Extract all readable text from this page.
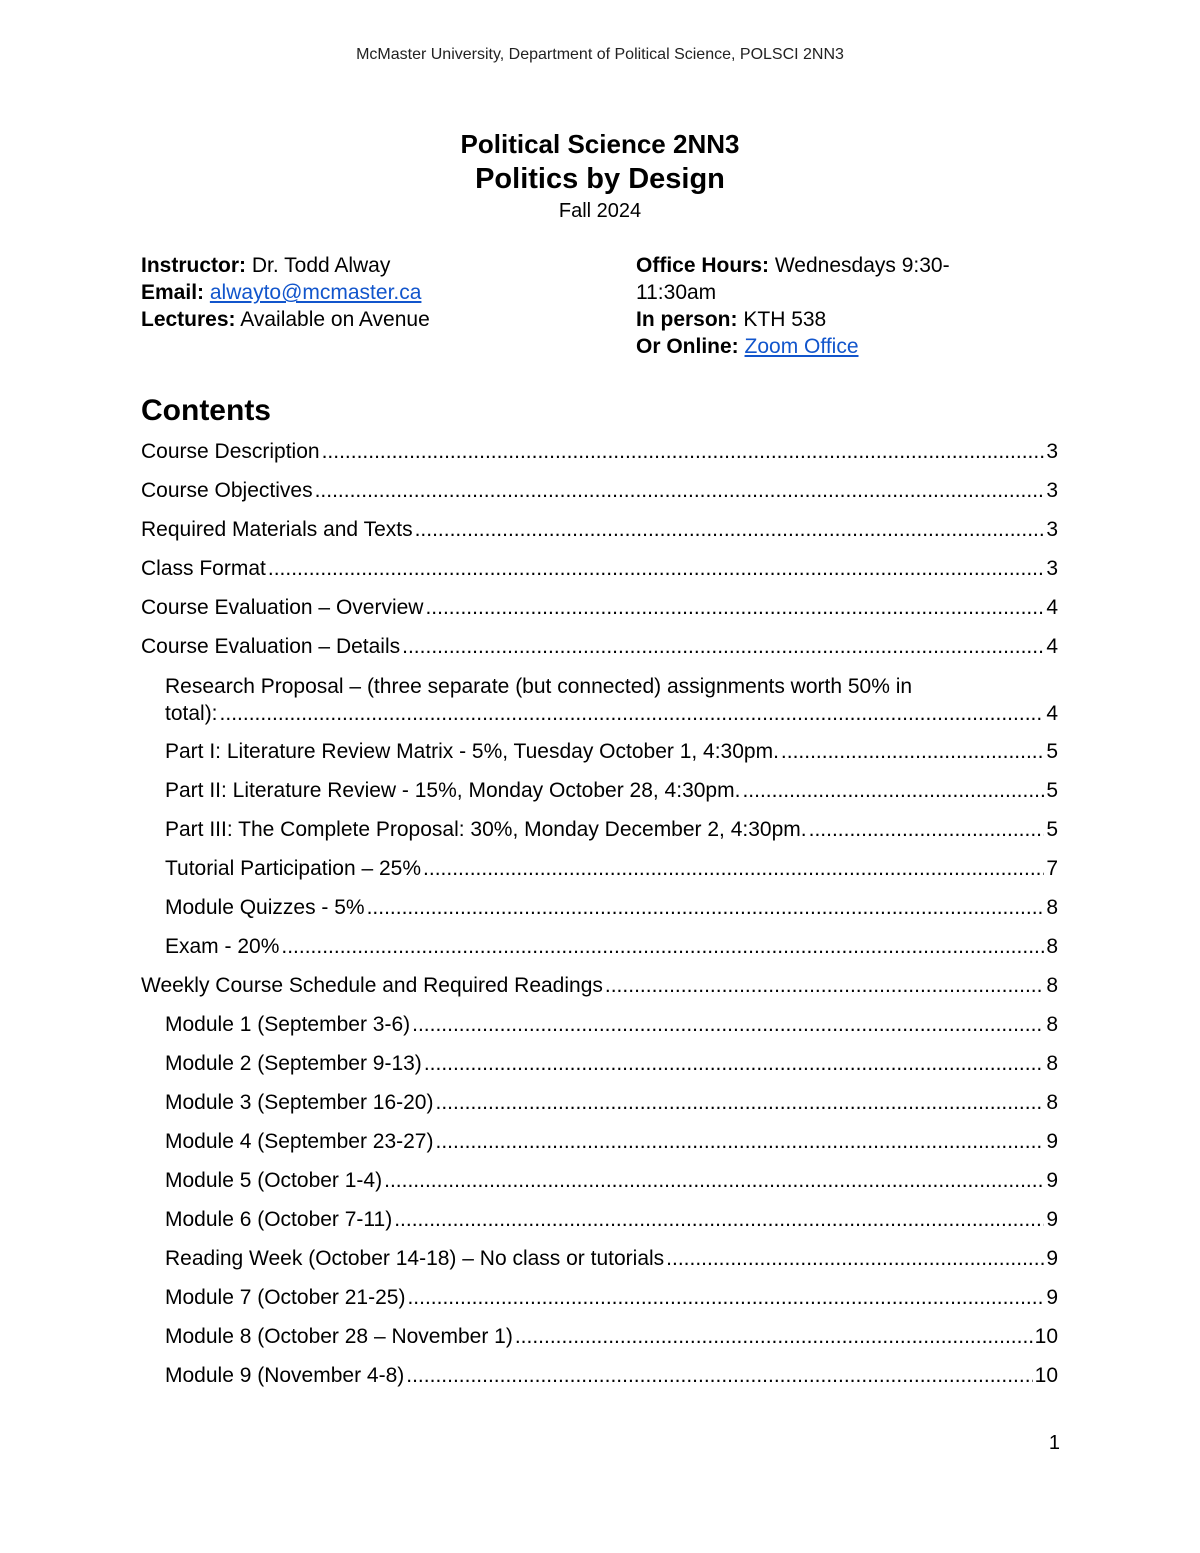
McMaster University, Department of Political Science, POLSCI 2NN3
Political Science 2NN3
Politics by Design
Fall 2024
Instructor: Dr. Todd Alway
Email: alwayto@mcmaster.ca
Lectures: Available on Avenue
Office Hours: Wednesdays 9:30-
11:30am
In person: KTH 538
Or Online: Zoom Office
Contents
Course Description .....	3
Course Objectives .....	3
Required Materials and Texts .....	3
Class Format .....	3
Course Evaluation – Overview .....	4
Course Evaluation – Details .....	4
Research Proposal – (three separate (but connected) assignments worth 50% in
total): .....	4
Part I: Literature Review Matrix - 5%, Tuesday October 1, 4:30pm. .....	5
Part II: Literature Review - 15%, Monday October 28, 4:30pm. .....	5
Part III: The Complete Proposal: 30%, Monday December 2, 4:30pm. .....	5
Tutorial Participation – 25% .....	7
Module Quizzes - 5% .....	8
Exam - 20% .....	8
Weekly Course Schedule and Required Readings .....	8
Module 1 (September 3-6) .....	8
Module 2 (September 9-13) .....	8
Module 3 (September 16-20) .....	8
Module 4 (September 23-27) .....	9
Module 5 (October 1-4) .....	9
Module 6 (October 7-11) .....	9
Reading Week (October 14-18) – No class or tutorials .....	9
Module 7 (October 21-25) .....	9
Module 8 (October 28 – November 1) .....	10
Module 9 (November 4-8) .....	10
1
